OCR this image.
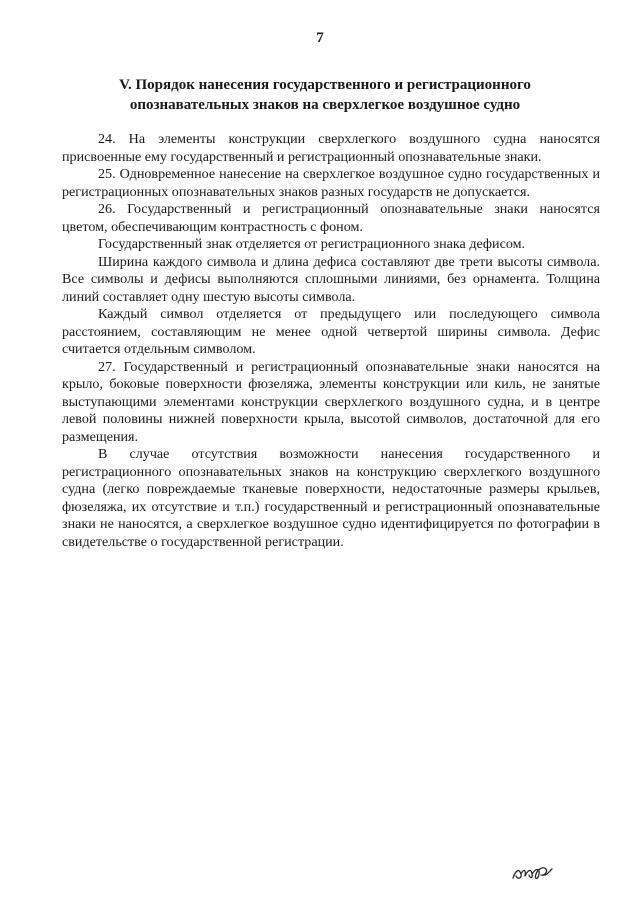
7
V. Порядок нанесения государственного и регистрационного
опознавательных знаков на сверхлегкое воздушное судно

24. На элементы конструкции сверхлегкого воздушного судна наносятся присвоенные ему государственный и регистрационный опознавательные знаки.

25. Одновременное нанесение на сверхлегкое воздушное судно государственных и регистрационных опознавательных знаков разных государств не допускается.

26. Государственный и регистрационный опознавательные знаки наносятся цветом, обеспечивающим контрастность с фоном.

Государственный знак отделяется от регистрационного знака дефисом.

Ширина каждого символа и длина дефиса составляют две трети высоты символа. Все символы и дефисы выполняются сплошными линиями, без орнамента. Толщина линий составляет одну шестую высоты символа.

Каждый символ отделяется от предыдущего или последующего символа расстоянием, составляющим не менее одной четвертой ширины символа. Дефис считается отдельным символом.

27. Государственный и регистрационный опознавательные знаки наносятся на крыло, боковые поверхности фюзеляжа, элементы конструкции или киль, не занятые выступающими элементами конструкции сверхлегкого воздушного судна, и в центре левой половины нижней поверхности крыла, высотой символов, достаточной для его размещения.

В случае отсутствия возможности нанесения государственного и регистрационного опознавательных знаков на конструкцию сверхлегкого воздушного судна (легко повреждаемые тканевые поверхности, недостаточные размеры крыльев, фюзеляжа, их отсутствие и т.п.) государственный и регистрационный опознавательные знаки не наносятся, а сверхлегкое воздушное судно идентифицируется по фотографии в свидетельстве о государственной регистрации.
